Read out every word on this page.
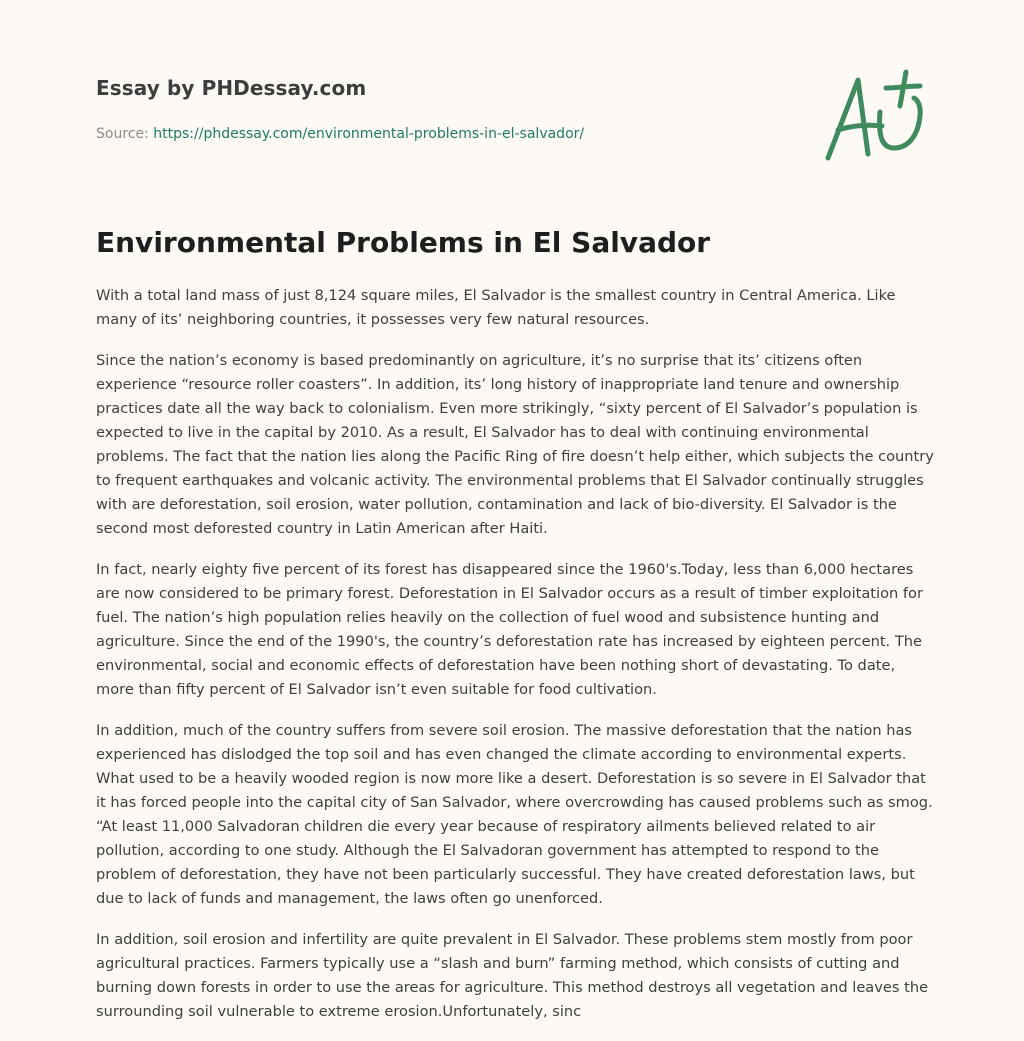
Essay by PHDessay.com
Source: https://phdessay.com/environmental-problems-in-el-salvador/
Environmental Problems in El Salvador

With a total land mass of just 8,124 square miles, El Salvador is the smallest country in Central America. Like many of its’ neighboring countries, it possesses very few natural resources.

Since the nation’s economy is based predominantly on agriculture, it’s no surprise that its’ citizens often experience “resource roller coasters”. In addition, its’ long history of inappropriate land tenure and ownership practices date all the way back to colonialism. Even more strikingly, “sixty percent of El Salvador’s population is expected to live in the capital by 2010. As a result, El Salvador has to deal with continuing environmental problems. The fact that the nation lies along the Pacific Ring of fire doesn’t help either, which subjects the country to frequent earthquakes and volcanic activity. The environmental problems that El Salvador continually struggles with are deforestation, soil erosion, water pollution, contamination and lack of bio-diversity. El Salvador is the second most deforested country in Latin American after Haiti.

In fact, nearly eighty five percent of its forest has disappeared since the 1960's.Today, less than 6,000 hectares are now considered to be primary forest. Deforestation in El Salvador occurs as a result of timber exploitation for fuel. The nation’s high population relies heavily on the collection of fuel wood and subsistence hunting and agriculture. Since the end of the 1990's, the country’s deforestation rate has increased by eighteen percent. The environmental, social and economic effects of deforestation have been nothing short of devastating. To date, more than fifty percent of El Salvador isn’t even suitable for food cultivation.

In addition, much of the country suffers from severe soil erosion. The massive deforestation that the nation has experienced has dislodged the top soil and has even changed the climate according to environmental experts. What used to be a heavily wooded region is now more like a desert. Deforestation is so severe in El Salvador that it has forced people into the capital city of San Salvador, where overcrowding has caused problems such as smog. “At least 11,000 Salvadoran children die every year because of respiratory ailments believed related to air pollution, according to one study. Although the El Salvadoran government has attempted to respond to the problem of deforestation, they have not been particularly successful. They have created deforestation laws, but due to lack of funds and management, the laws often go unenforced.

In addition, soil erosion and infertility are quite prevalent in El Salvador. These problems stem mostly from poor agricultural practices. Farmers typically use a “slash and burn” farming method, which consists of cutting and burning down forests in order to use the areas for agriculture. This method destroys all vegetation and leaves the surrounding soil vulnerable to extreme erosion.Unfortunately, sinc
